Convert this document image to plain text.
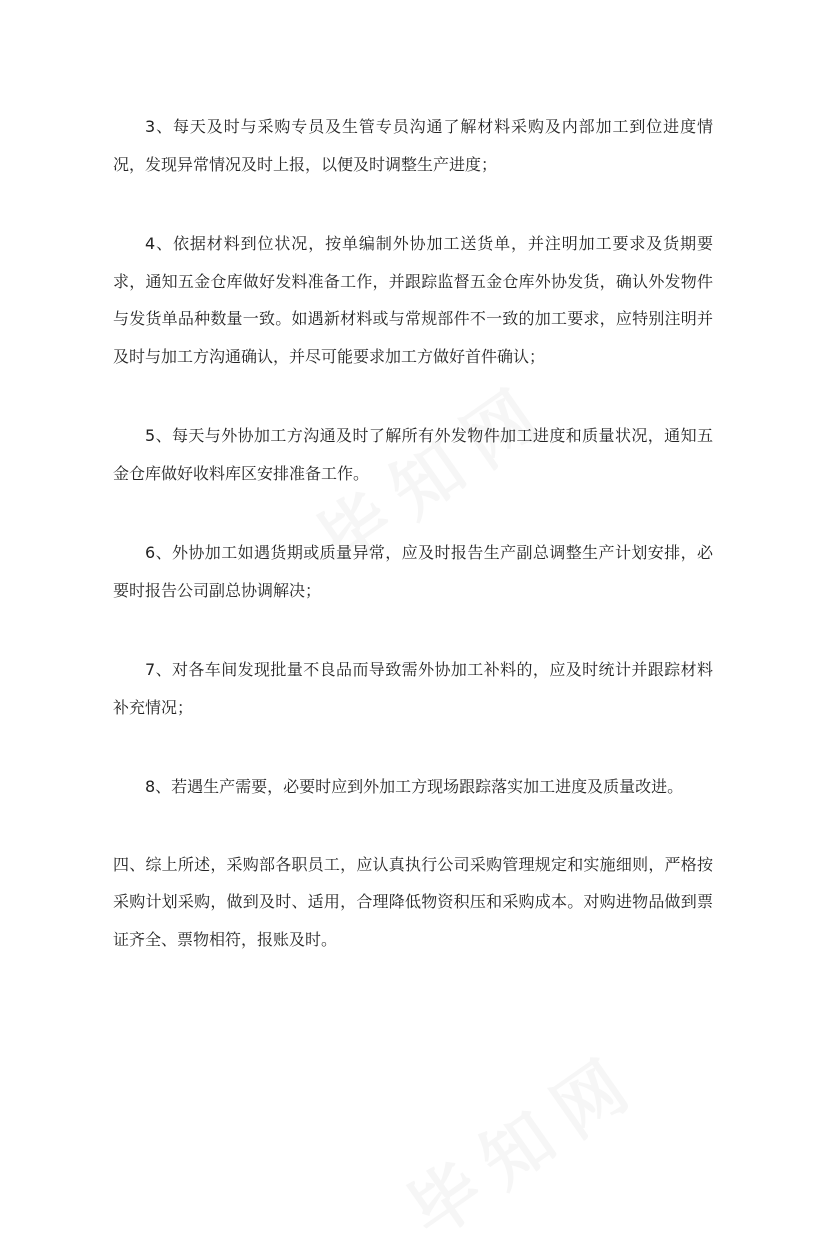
3、每天及时与采购专员及生管专员沟通了解材料采购及内部加工到位进度情况，发现异常情况及时上报，以便及时调整生产进度；

4、依据材料到位状况，按单编制外协加工送货单，并注明加工要求及货期要求，通知五金仓库做好发料准备工作，并跟踪监督五金仓库外协发货，确认外发物件与发货单品种数量一致。如遇新材料或与常规部件不一致的加工要求，应特别注明并及时与加工方沟通确认，并尽可能要求加工方做好首件确认；

5、每天与外协加工方沟通及时了解所有外发物件加工进度和质量状况，通知五金仓库做好收料库区安排准备工作。

6、外协加工如遇货期或质量异常，应及时报告生产副总调整生产计划安排，必要时报告公司副总协调解决；

7、对各车间发现批量不良品而导致需外协加工补料的，应及时统计并跟踪材料补充情况；

8、若遇生产需要，必要时应到外加工方现场跟踪落实加工进度及质量改进。

四、综上所述，采购部各职员工，应认真执行公司采购管理规定和实施细则，严格按采购计划采购，做到及时、适用，合理降低物资积压和采购成本。对购进物品做到票证齐全、票物相符，报账及时。
